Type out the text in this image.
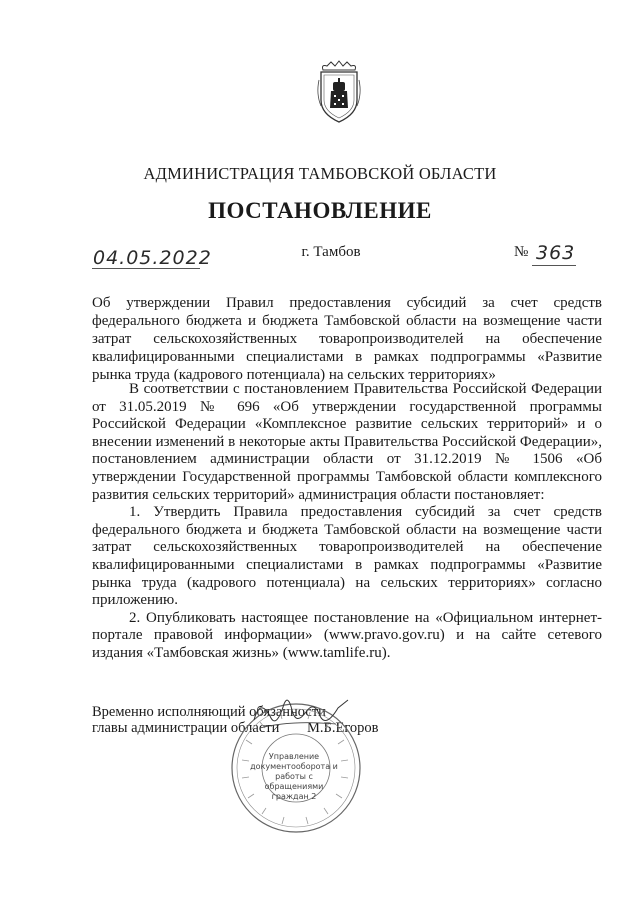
АДМИНИСТРАЦИЯ ТАМБОВСКОЙ ОБЛАСТИ
ПОСТАНОВЛЕНИЕ
04.05.2022	г. Тамбов	№ 363
Об утверждении Правил предоставления субсидий за счет средств федерального бюджета и бюджета Тамбовской области на возмещение части затрат сельскохозяйственных товаропроизводителей на обеспечение квалифицированными специалистами в рамках подпрограммы «Развитие рынка труда (кадрового потенциала) на сельских территориях»

В соответствии с постановлением Правительства Российской Федерации от 31.05.2019 № 696 «Об утверждении государственной программы Российской Федерации «Комплексное развитие сельских территорий» и о внесении изменений в некоторые акты Правительства Российской Федерации», постановлением администрации области от 31.12.2019 № 1506 «Об утверждении Государственной программы Тамбовской области комплексного развития сельских территорий» администрация области постановляет:

1. Утвердить Правила предоставления субсидий за счет средств федерального бюджета и бюджета Тамбовской области на возмещение части затрат сельскохозяйственных товаропроизводителей на обеспечение квалифицированными специалистами в рамках подпрограммы «Развитие рынка труда (кадрового потенциала) на сельских территориях» согласно приложению.

2. Опубликовать настоящее постановление на «Официальном интернет-портале правовой информации» (www.pravo.gov.ru) и на сайте сетевого издания «Тамбовская жизнь» (www.tamlife.ru).

Временно исполняющий обязанности
главы администрации области	М.Б.Егоров
Управление документооборота и работы с обращениями граждан 2
